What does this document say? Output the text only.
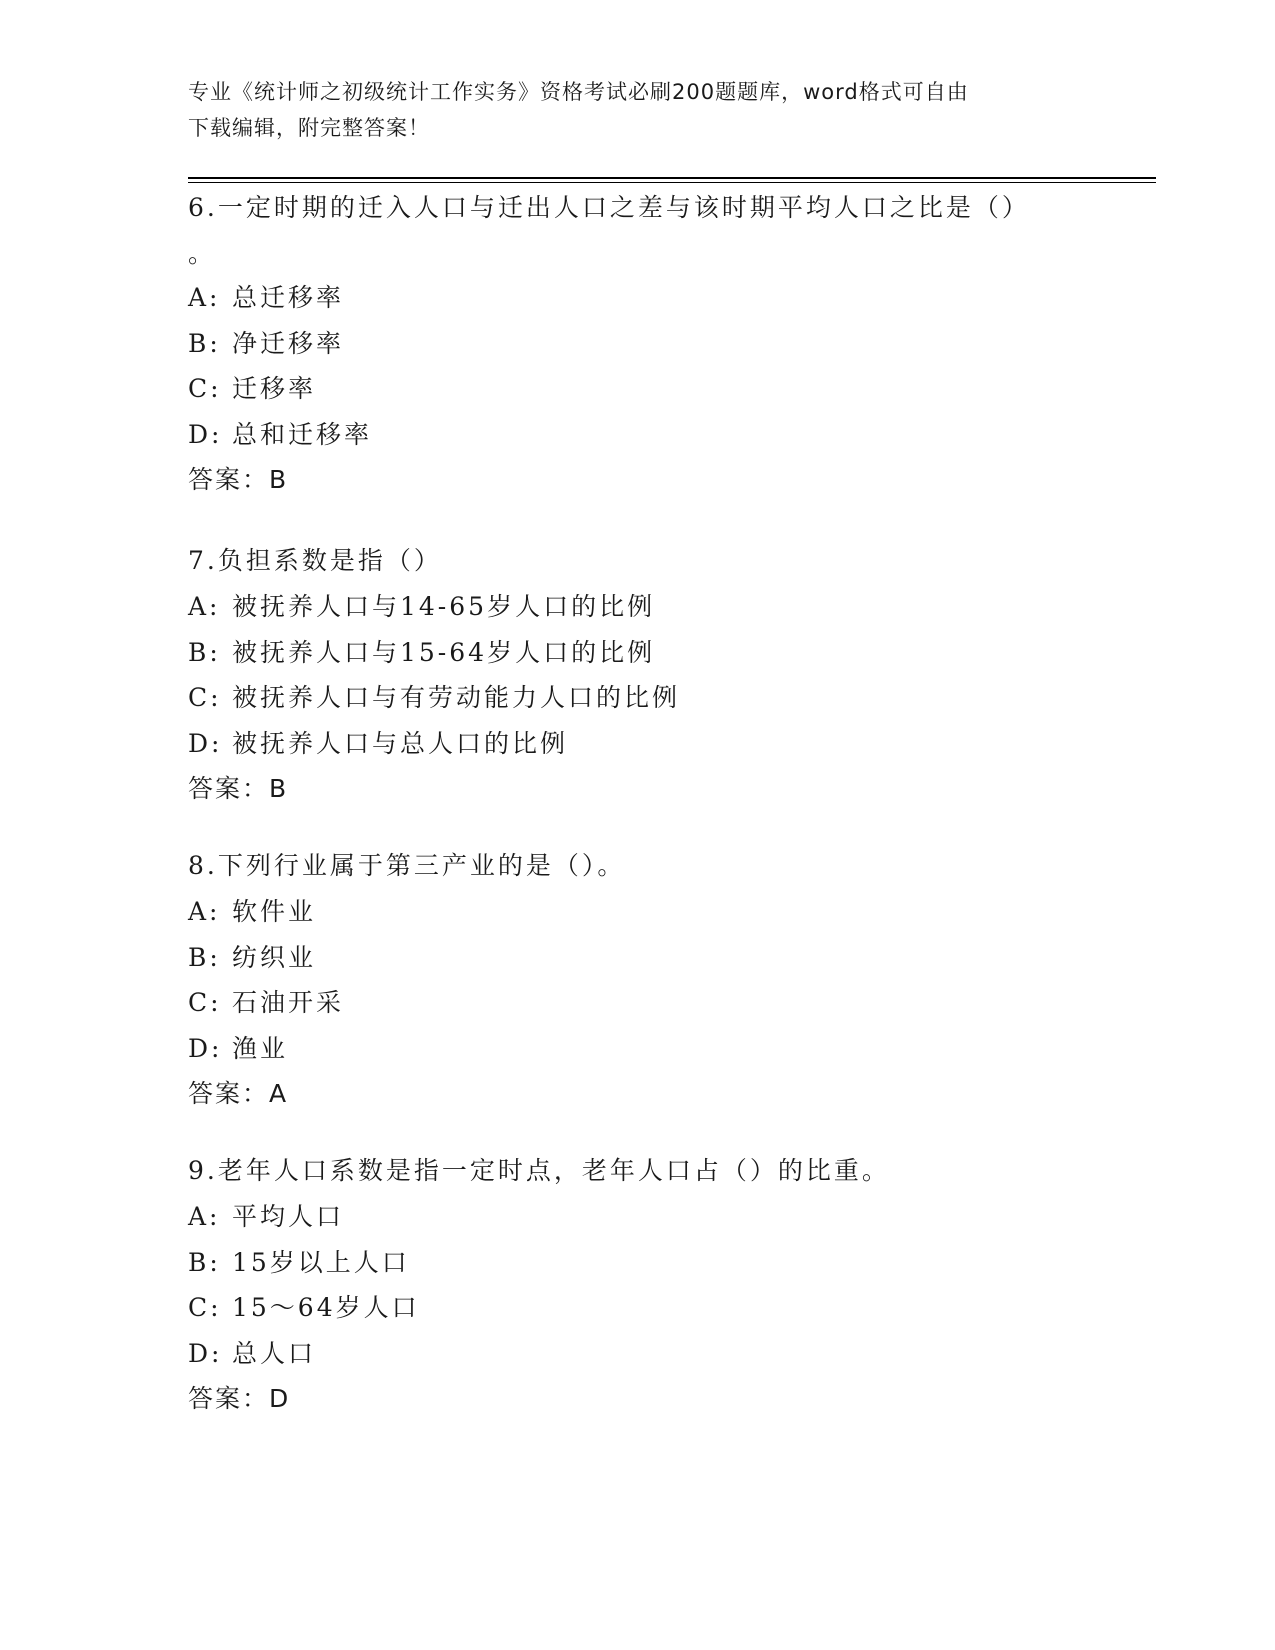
专业《统计师之初级统计工作实务》资格考试必刷200题题库，word格式可自由
下载编辑，附完整答案！
6.一定时期的迁入人口与迁出人口之差与该时期平均人口之比是（）
。
A: 总迁移率
B: 净迁移率
C: 迁移率
D: 总和迁移率
答案：B
7.负担系数是指（）
A: 被抚养人口与14-65岁人口的比例
B: 被抚养人口与15-64岁人口的比例
C: 被抚养人口与有劳动能力人口的比例
D: 被抚养人口与总人口的比例
答案：B
8.下列行业属于第三产业的是（）。
A: 软件业
B: 纺织业
C: 石油开采
D: 渔业
答案：A
9.老年人口系数是指一定时点，老年人口占（）的比重。
A: 平均人口
B: 15岁以上人口
C: 15～64岁人口
D: 总人口
答案：D
